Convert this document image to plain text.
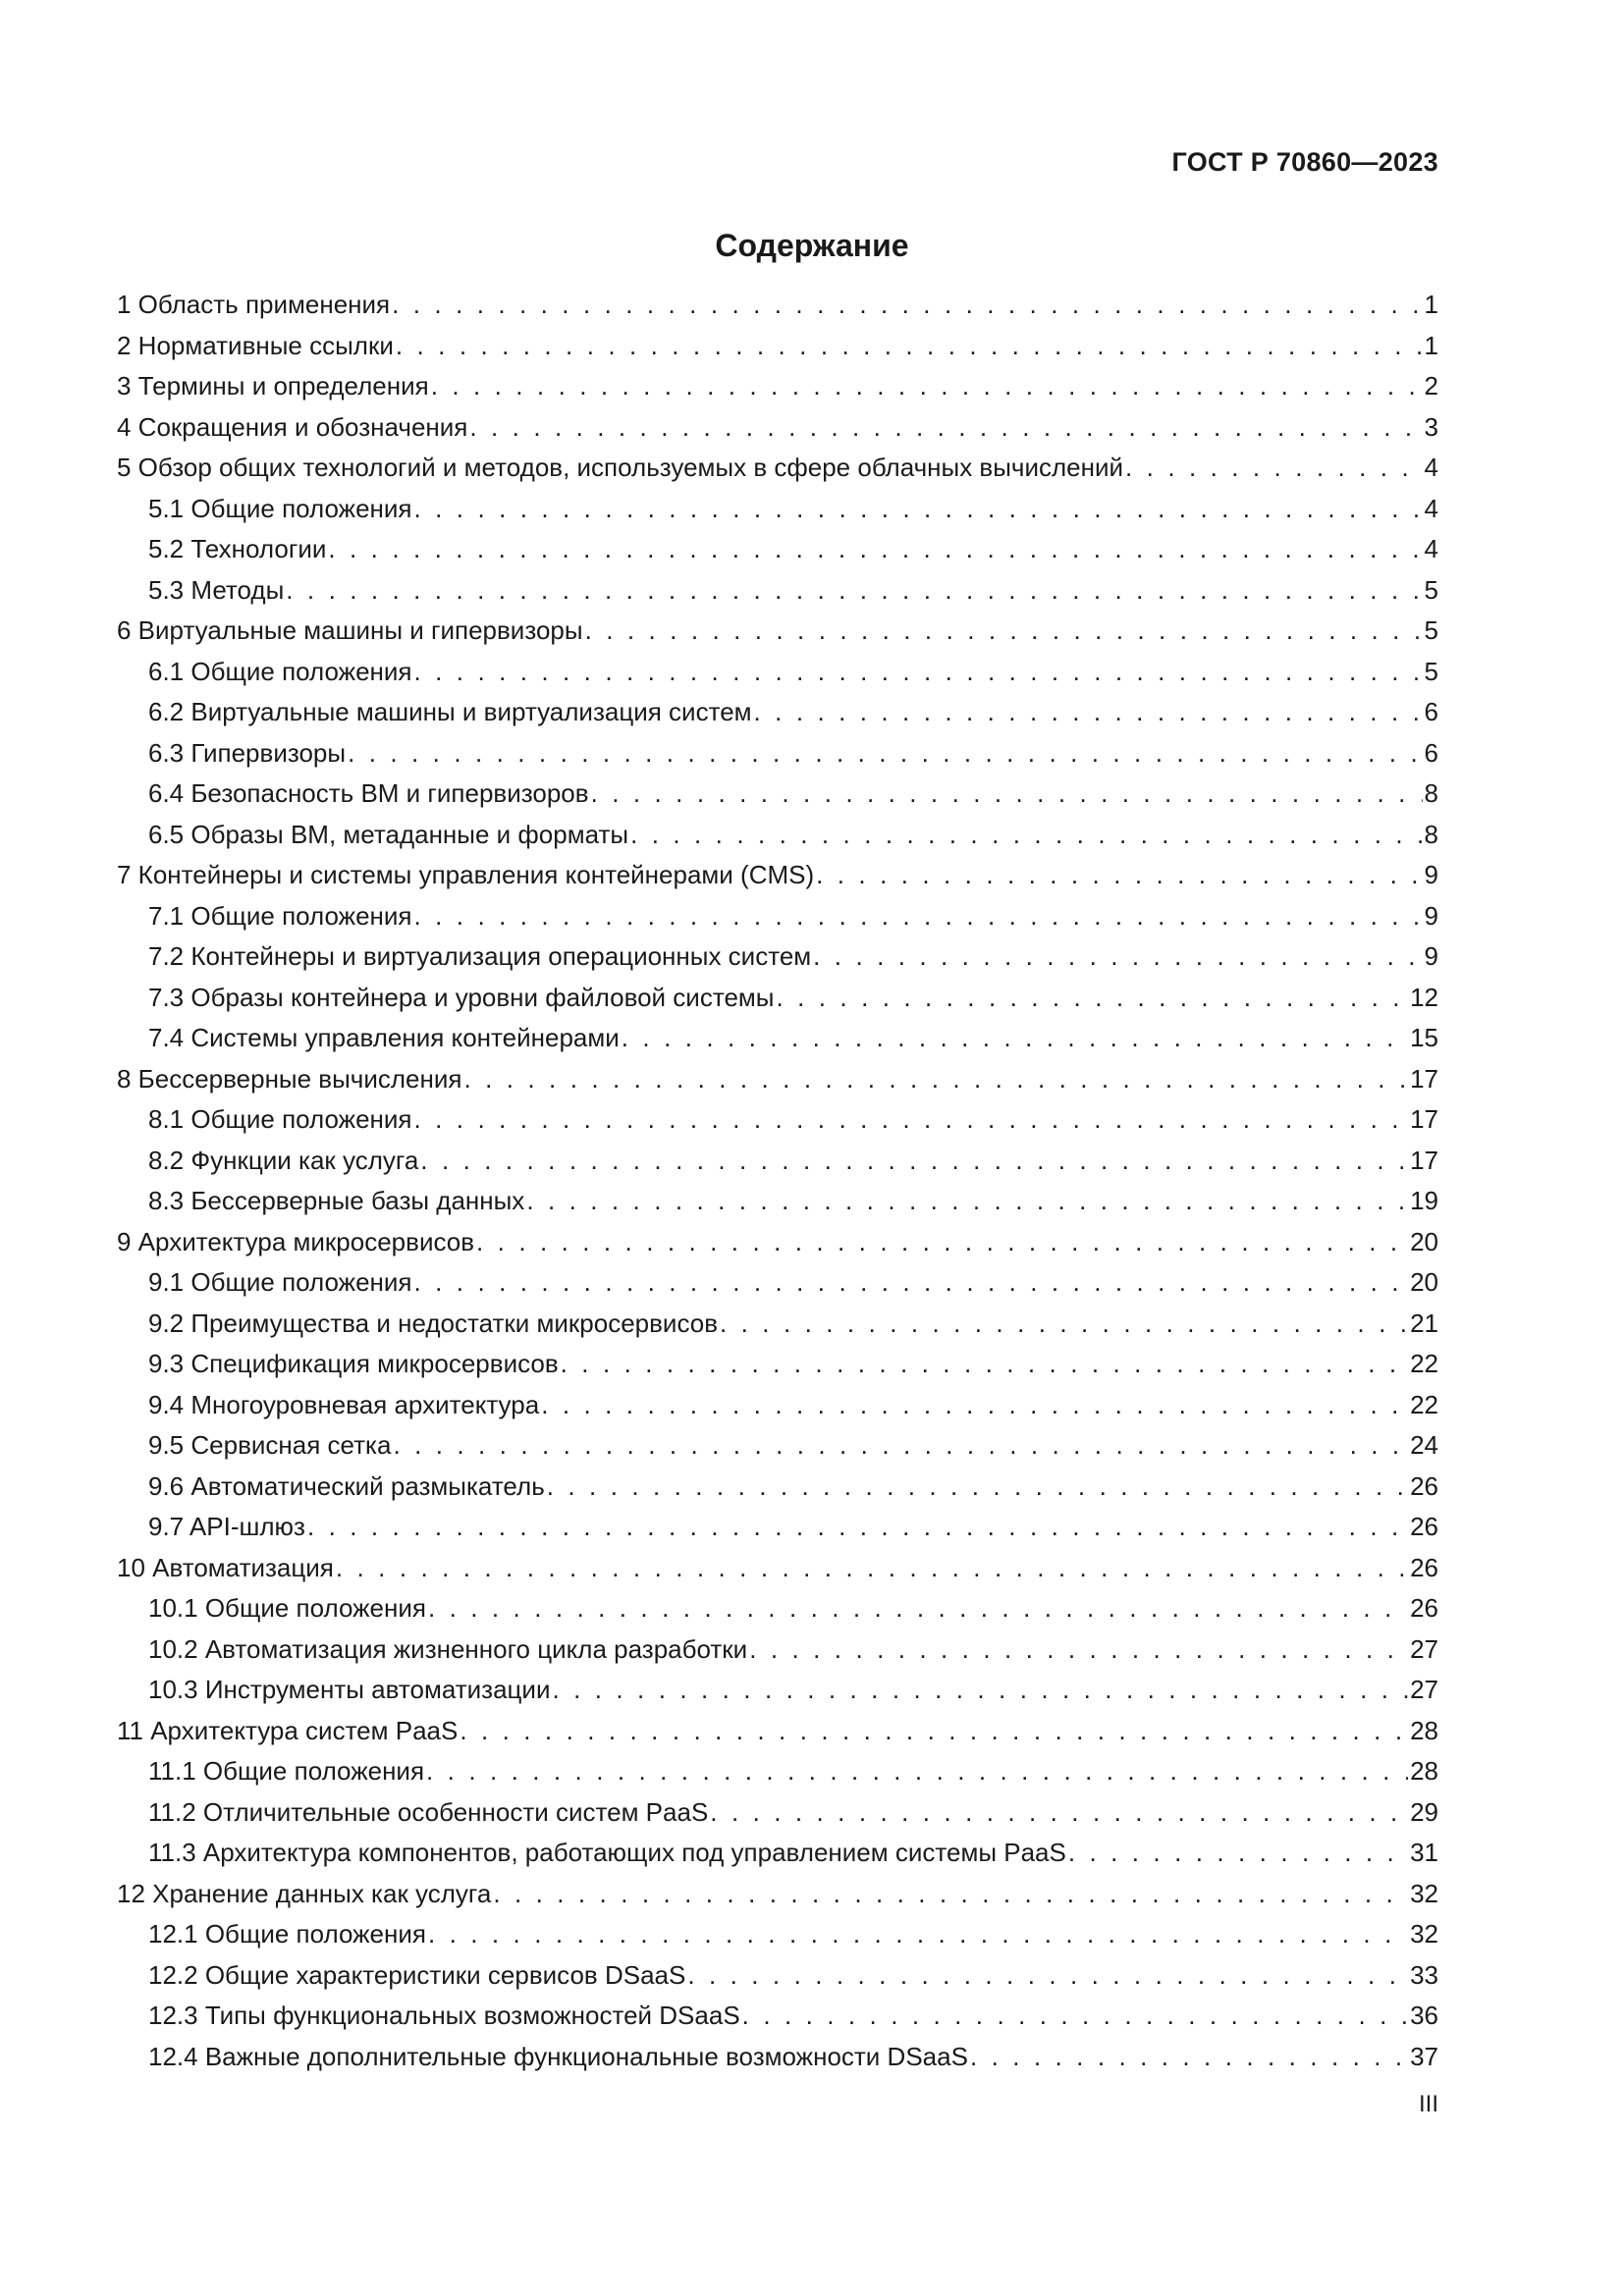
ГОСТ Р 70860—2023
Содержание
1 Область применения . . .	1
2 Нормативные ссылки . . .	1
3 Термины и определения . . .	2
4 Сокращения и обозначения . . .	3
5 Обзор общих технологий и методов, используемых в сфере облачных вычислений . . .	4
5.1 Общие положения . . .	4
5.2 Технологии . . .	4
5.3 Методы . . .	5
6 Виртуальные машины и гипервизоры . . .	5
6.1 Общие положения . . .	5
6.2 Виртуальные машины и виртуализация систем . . .	6
6.3 Гипервизоры . . .	6
6.4 Безопасность ВМ и гипервизоров . . .	8
6.5 Образы ВМ, метаданные и форматы . . .	8
7 Контейнеры и системы управления контейнерами (CMS) . . .	9
7.1 Общие положения . . .	9
7.2 Контейнеры и виртуализация операционных систем . . .	9
7.3 Образы контейнера и уровни файловой системы . . .	12
7.4 Системы управления контейнерами . . .	15
8 Бессерверные вычисления . . .	17
8.1 Общие положения . . .	17
8.2 Функции как услуга . . .	17
8.3 Бессерверные базы данных . . .	19
9 Архитектура микросервисов . . .	20
9.1 Общие положения . . .	20
9.2 Преимущества и недостатки микросервисов . . .	21
9.3 Спецификация микросервисов . . .	22
9.4 Многоуровневая архитектура . . .	22
9.5 Сервисная сетка . . .	24
9.6 Автоматический размыкатель . . .	26
9.7 API-шлюз . . .	26
10 Автоматизация . . .	26
10.1 Общие положения . . .	26
10.2 Автоматизация жизненного цикла разработки . . .	27
10.3 Инструменты автоматизации . . .	27
11 Архитектура систем PaaS . . .	28
11.1 Общие положения . . .	28
11.2 Отличительные особенности систем PaaS . . .	29
11.3 Архитектура компонентов, работающих под управлением системы PaaS . . .	31
12 Хранение данных как услуга . . .	32
12.1 Общие положения . . .	32
12.2 Общие характеристики сервисов DSaaS . . .	33
12.3 Типы функциональных возможностей DSaaS . . .	36
12.4 Важные дополнительные функциональные возможности DSaaS . . .	37
III
